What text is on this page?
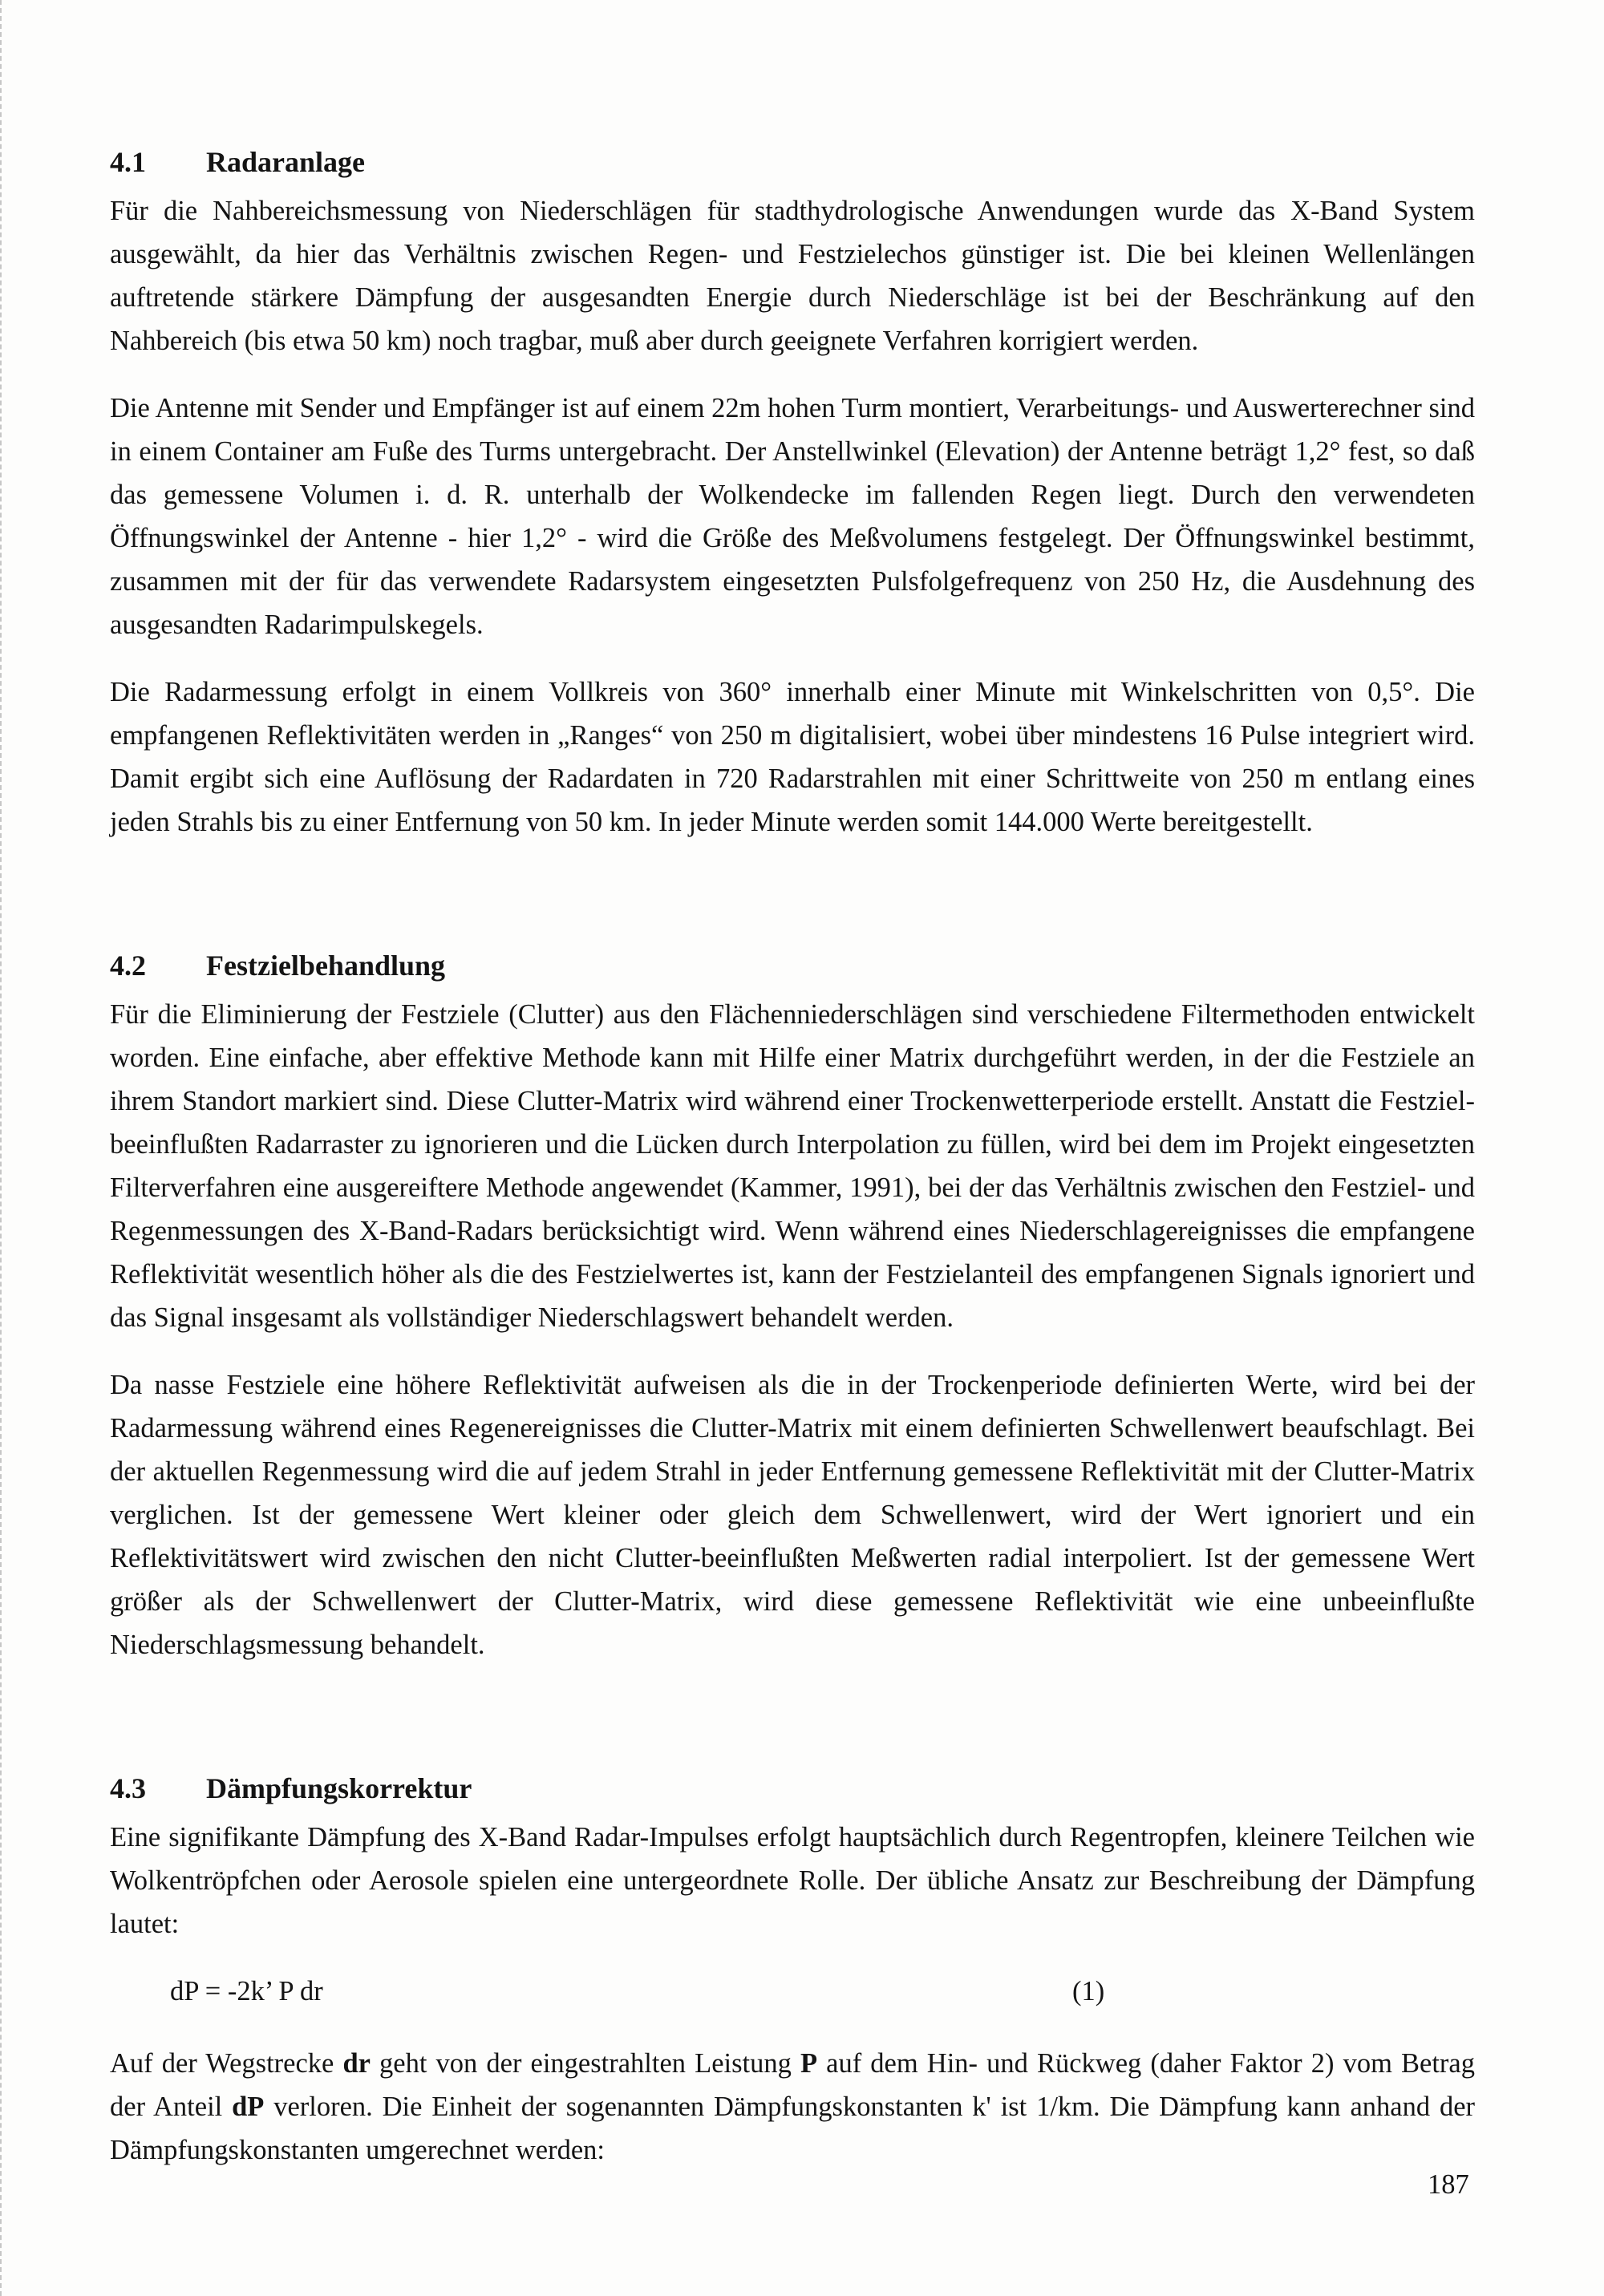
4.1 Radaranlage

Für die Nahbereichsmessung von Niederschlägen für stadthydrologische Anwendungen wurde das X-Band System ausgewählt, da hier das Verhältnis zwischen Regen- und Festzielechos günstiger ist. Die bei kleinen Wellenlängen auftretende stärkere Dämpfung der ausgesandten Energie durch Niederschläge ist bei der Beschränkung auf den Nahbereich (bis etwa 50 km) noch tragbar, muß aber durch geeignete Verfahren korrigiert werden.

Die Antenne mit Sender und Empfänger ist auf einem 22m hohen Turm montiert, Verarbeitungs- und Auswerterechner sind in einem Container am Fuße des Turms untergebracht. Der Anstellwinkel (Elevation) der Antenne beträgt 1,2° fest, so daß das gemessene Volumen i. d. R. unterhalb der Wolkendecke im fallenden Regen liegt. Durch den verwendeten Öffnungswinkel der Antenne - hier 1,2° - wird die Größe des Meßvolumens festgelegt. Der Öffnungswinkel bestimmt, zusammen mit der für das verwendete Radarsystem eingesetzten Pulsfolgefrequenz von 250 Hz, die Ausdehnung des ausgesandten Radarimpulskegels.

Die Radarmessung erfolgt in einem Vollkreis von 360° innerhalb einer Minute mit Winkelschritten von 0,5°. Die empfangenen Reflektivitäten werden in „Ranges“ von 250 m digitalisiert, wobei über mindestens 16 Pulse integriert wird. Damit ergibt sich eine Auflösung der Radardaten in 720 Radarstrahlen mit einer Schrittweite von 250 m entlang eines jeden Strahls bis zu einer Entfernung von 50 km. In jeder Minute werden somit 144.000 Werte bereitgestellt.

4.2 Festzielbehandlung

Für die Eliminierung der Festziele (Clutter) aus den Flächenniederschlägen sind verschiedene Filtermethoden entwickelt worden. Eine einfache, aber effektive Methode kann mit Hilfe einer Matrix durchgeführt werden, in der die Festziele an ihrem Standort markiert sind. Diese Clutter-Matrix wird während einer Trockenwetterperiode erstellt. Anstatt die Festziel-beeinflußten Radarraster zu ignorieren und die Lücken durch Interpolation zu füllen, wird bei dem im Projekt eingesetzten Filterverfahren eine ausgereiftere Methode angewendet (Kammer, 1991), bei der das Verhältnis zwischen den Festziel- und Regenmessungen des X-Band-Radars berücksichtigt wird. Wenn während eines Niederschlagereignisses die empfangene Reflektivität wesentlich höher als die des Festzielwertes ist, kann der Festzielanteil des empfangenen Signals ignoriert und das Signal insgesamt als vollständiger Niederschlagswert behandelt werden.

Da nasse Festziele eine höhere Reflektivität aufweisen als die in der Trockenperiode definierten Werte, wird bei der Radarmessung während eines Regenereignisses die Clutter-Matrix mit einem definierten Schwellenwert beaufschlagt. Bei der aktuellen Regenmessung wird die auf jedem Strahl in jeder Entfernung gemessene Reflektivität mit der Clutter-Matrix verglichen. Ist der gemessene Wert kleiner oder gleich dem Schwellenwert, wird der Wert ignoriert und ein Reflektivitätswert wird zwischen den nicht Clutter-beeinflußten Meßwerten radial interpoliert. Ist der gemessene Wert größer als der Schwellenwert der Clutter-Matrix, wird diese gemessene Reflektivität wie eine unbeeinflußte Niederschlagsmessung behandelt.

4.3 Dämpfungskorrektur

Eine signifikante Dämpfung des X-Band Radar-Impulses erfolgt hauptsächlich durch Regentropfen, kleinere Teilchen wie Wolkentröpfchen oder Aerosole spielen eine untergeordnete Rolle. Der übliche Ansatz zur Beschreibung der Dämpfung lautet:

dP = -2k’ P dr	(1)

Auf der Wegstrecke dr geht von der eingestrahlten Leistung P auf dem Hin- und Rückweg (daher Faktor 2) vom Betrag der Anteil dP verloren. Die Einheit der sogenannten Dämpfungskonstanten k' ist 1/km. Die Dämpfung kann anhand der Dämpfungskonstanten umgerechnet werden:

187
